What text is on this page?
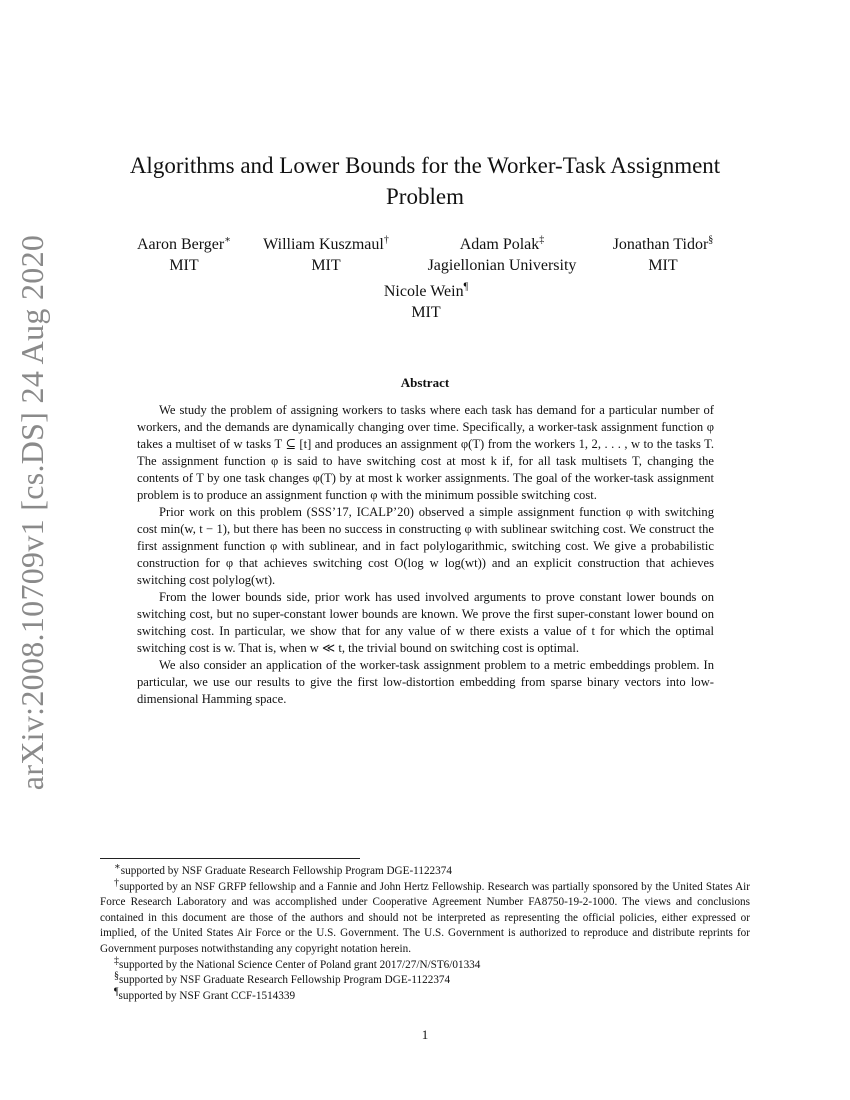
arXiv:2008.10709v1 [cs.DS] 24 Aug 2020
Algorithms and Lower Bounds for the Worker-Task Assignment Problem
Aaron Berger∗
MIT
William Kuszmaul†
MIT
Adam Polak‡
Jagiellonian University
Jonathan Tidor§
MIT
Nicole Wein¶
MIT
Abstract

We study the problem of assigning workers to tasks where each task has demand for a particular number of workers, and the demands are dynamically changing over time. Specifically, a worker-task assignment function φ takes a multiset of w tasks T ⊆ [t] and produces an assignment φ(T) from the workers 1, 2, . . . , w to the tasks T. The assignment function φ is said to have switching cost at most k if, for all task multisets T, changing the contents of T by one task changes φ(T) by at most k worker assignments. The goal of the worker-task assignment problem is to produce an assignment function φ with the minimum possible switching cost.

Prior work on this problem (SSS’17, ICALP’20) observed a simple assignment function φ with switching cost min(w, t − 1), but there has been no success in constructing φ with sublinear switching cost. We construct the first assignment function φ with sublinear, and in fact polylogarithmic, switching cost. We give a probabilistic construction for φ that achieves switching cost O(log w log(wt)) and an explicit construction that achieves switching cost polylog(wt).

From the lower bounds side, prior work has used involved arguments to prove constant lower bounds on switching cost, but no super-constant lower bounds are known. We prove the first super-constant lower bound on switching cost. In particular, we show that for any value of w there exists a value of t for which the optimal switching cost is w. That is, when w ≪ t, the trivial bound on switching cost is optimal.

We also consider an application of the worker-task assignment problem to a metric embeddings problem. In particular, we use our results to give the first low-distortion embedding from sparse binary vectors into low-dimensional Hamming space.

∗supported by NSF Graduate Research Fellowship Program DGE-1122374

†supported by an NSF GRFP fellowship and a Fannie and John Hertz Fellowship. Research was partially sponsored by the United States Air Force Research Laboratory and was accomplished under Cooperative Agreement Number FA8750-19-2-1000. The views and conclusions contained in this document are those of the authors and should not be interpreted as representing the official policies, either expressed or implied, of the United States Air Force or the U.S. Government. The U.S. Government is authorized to reproduce and distribute reprints for Government purposes notwithstanding any copyright notation herein.

‡supported by the National Science Center of Poland grant 2017/27/N/ST6/01334

§supported by NSF Graduate Research Fellowship Program DGE-1122374

¶supported by NSF Grant CCF-1514339

1
